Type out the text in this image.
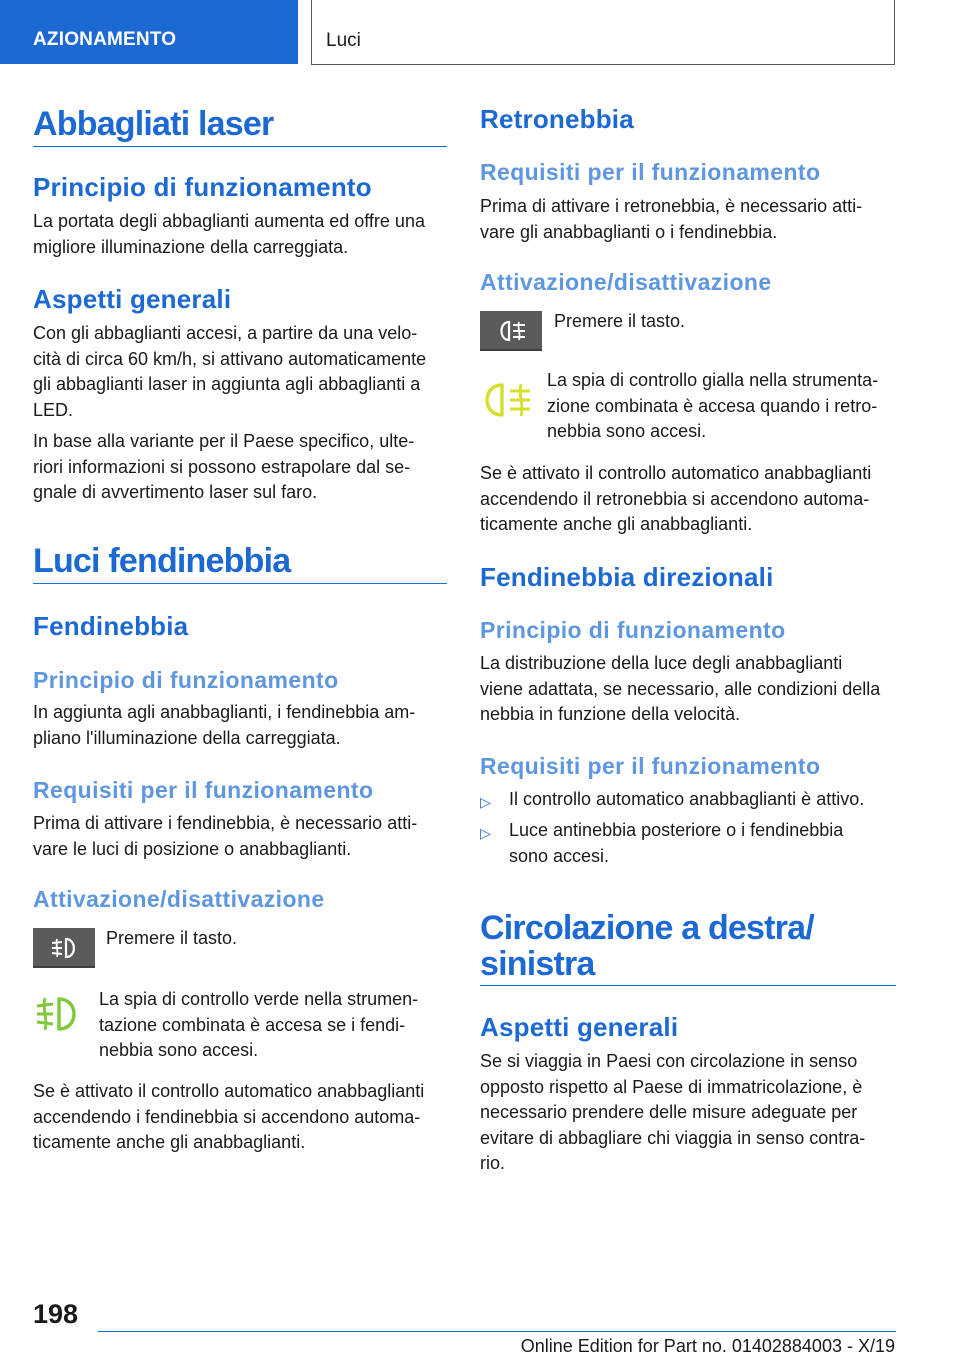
AZIONAMENTO	Luci
Abbagliati laser
Principio di funzionamento
La portata degli abbaglianti aumenta ed offre una
migliore illuminazione della carreggiata.
Aspetti generali
Con gli abbaglianti accesi, a partire da una velo-
cità di circa 60 km/h, si attivano automaticamente
gli abbaglianti laser in aggiunta agli abbaglianti a
LED.
In base alla variante per il Paese specifico, ulte-
riori informazioni si possono estrapolare dal se-
gnale di avvertimento laser sul faro.
Luci fendinebbia
Fendinebbia
Principio di funzionamento
In aggiunta agli anabbaglianti, i fendinebbia am-
pliano l'illuminazione della carreggiata.
Requisiti per il funzionamento
Prima di attivare i fendinebbia, è necessario atti-
vare le luci di posizione o anabbaglianti.
Attivazione/disattivazione
Premere il tasto.
La spia di controllo verde nella strumen-
tazione combinata è accesa se i fendi-
nebbia sono accesi.
Se è attivato il controllo automatico anabbaglianti
accendendo i fendinebbia si accendono automa-
ticamente anche gli anabbaglianti.
Retronebbia
Requisiti per il funzionamento
Prima di attivare i retronebbia, è necessario atti-
vare gli anabbaglianti o i fendinebbia.
Attivazione/disattivazione
Premere il tasto.
La spia di controllo gialla nella strumenta-
zione combinata è accesa quando i retro-
nebbia sono accesi.
Se è attivato il controllo automatico anabbaglianti
accendendo il retronebbia si accendono automa-
ticamente anche gli anabbaglianti.
Fendinebbia direzionali
Principio di funzionamento
La distribuzione della luce degli anabbaglianti
viene adattata, se necessario, alle condizioni della
nebbia in funzione della velocità.
Requisiti per il funzionamento
▷ Il controllo automatico anabbaglianti è attivo.
▷ Luce antinebbia posteriore o i fendinebbia
sono accesi.
Circolazione a destra/
sinistra
Aspetti generali
Se si viaggia in Paesi con circolazione in senso
opposto rispetto al Paese di immatricolazione, è
necessario prendere delle misure adeguate per
evitare di abbagliare chi viaggia in senso contra-
rio.
198
Online Edition for Part no. 01402884003 - X/19
